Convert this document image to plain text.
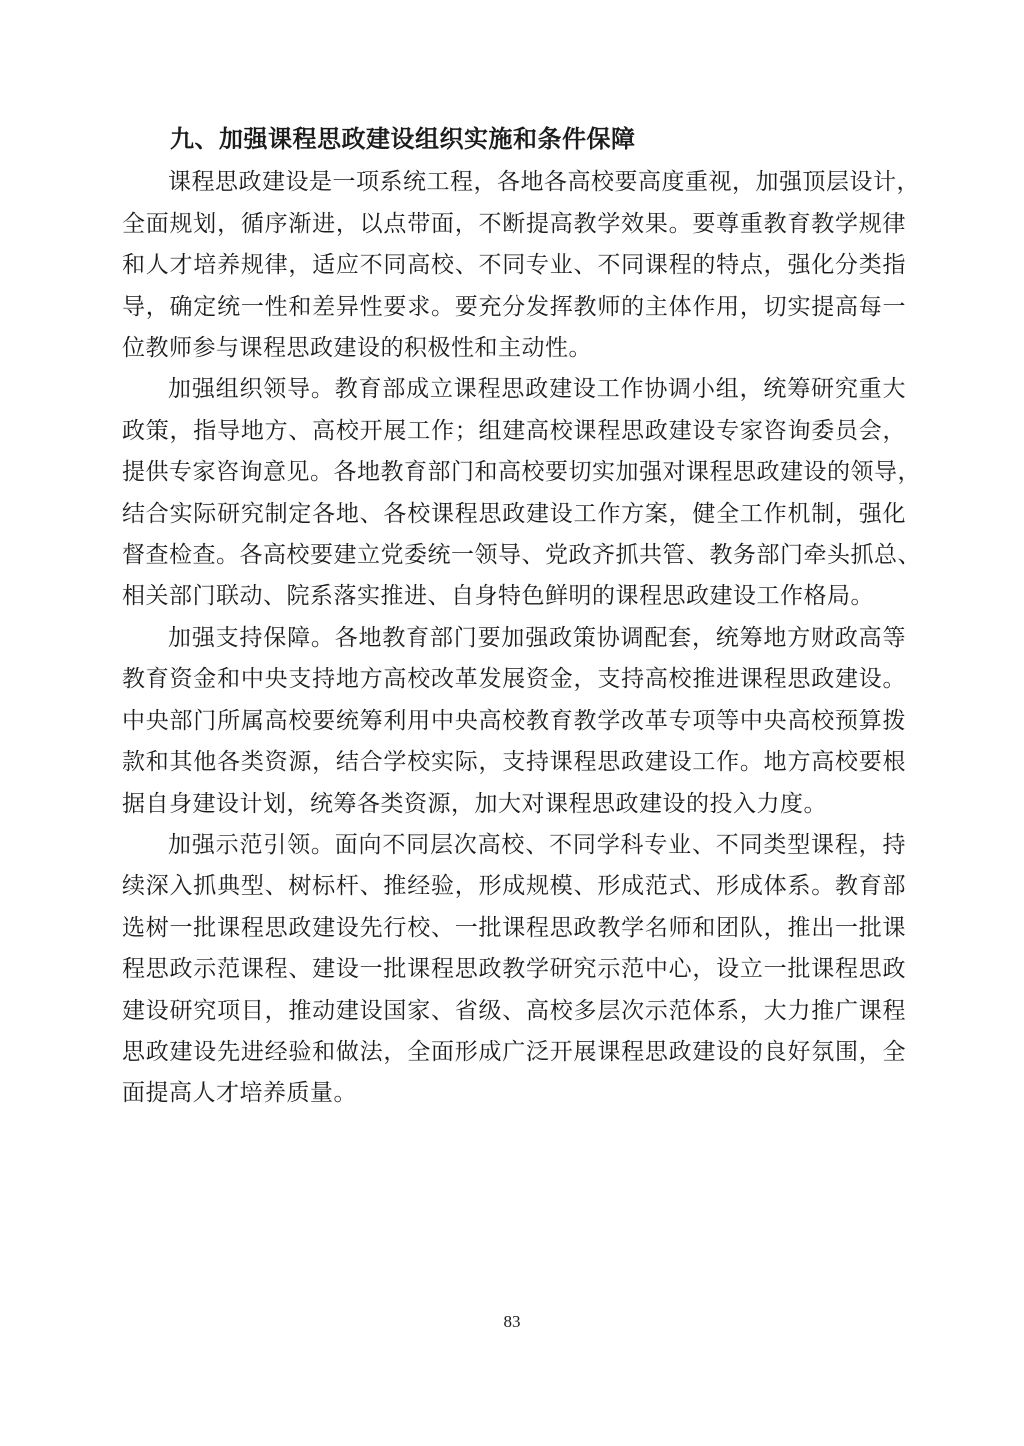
九、加强课程思政建设组织实施和条件保障
课程思政建设是一项系统工程，各地各高校要高度重视，加强顶层设计，
全面规划，循序渐进，以点带面，不断提高教学效果。要尊重教育教学规律
和人才培养规律，适应不同高校、不同专业、不同课程的特点，强化分类指
导，确定统一性和差异性要求。要充分发挥教师的主体作用，切实提高每一
位教师参与课程思政建设的积极性和主动性。
加强组织领导。教育部成立课程思政建设工作协调小组，统筹研究重大
政策，指导地方、高校开展工作；组建高校课程思政建设专家咨询委员会，
提供专家咨询意见。各地教育部门和高校要切实加强对课程思政建设的领导，
结合实际研究制定各地、各校课程思政建设工作方案，健全工作机制，强化
督查检查。各高校要建立党委统一领导、党政齐抓共管、教务部门牵头抓总、
相关部门联动、院系落实推进、自身特色鲜明的课程思政建设工作格局。
加强支持保障。各地教育部门要加强政策协调配套，统筹地方财政高等
教育资金和中央支持地方高校改革发展资金，支持高校推进课程思政建设。
中央部门所属高校要统筹利用中央高校教育教学改革专项等中央高校预算拨
款和其他各类资源，结合学校实际，支持课程思政建设工作。地方高校要根
据自身建设计划，统筹各类资源，加大对课程思政建设的投入力度。
加强示范引领。面向不同层次高校、不同学科专业、不同类型课程，持
续深入抓典型、树标杆、推经验，形成规模、形成范式、形成体系。教育部
选树一批课程思政建设先行校、一批课程思政教学名师和团队，推出一批课
程思政示范课程、建设一批课程思政教学研究示范中心，设立一批课程思政
建设研究项目，推动建设国家、省级、高校多层次示范体系，大力推广课程
思政建设先进经验和做法，全面形成广泛开展课程思政建设的良好氛围，全
面提高人才培养质量。
83
